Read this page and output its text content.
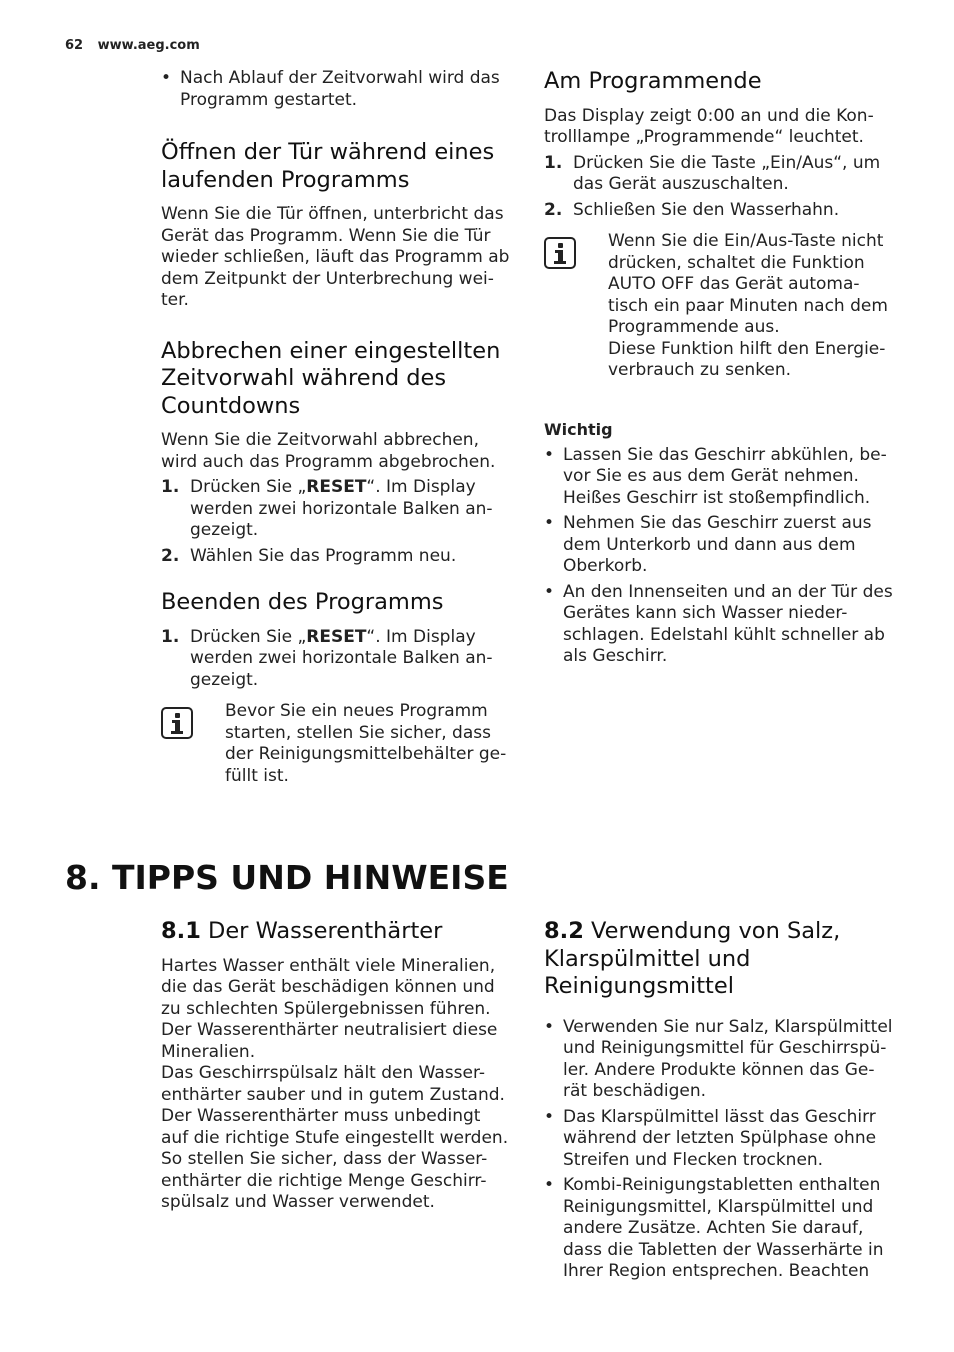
62 www.aeg.com
• Nach Ablauf der Zeitvorwahl wird das Programm gestartet.
Öffnen der Tür während eines laufenden Programms

Wenn Sie die Tür öffnen, unterbricht das Gerät das Programm. Wenn Sie die Tür wieder schließen, läuft das Programm ab dem Zeitpunkt der Unterbrechung wei-ter.

Abbrechen einer eingestellten Zeitvorwahl während des Countdowns

Wenn Sie die Zeitvorwahl abbrechen, wird auch das Programm abgebrochen.

1. Drücken Sie „RESET“. Im Display werden zwei horizontale Balken an-gezeigt.
2. Wählen Sie das Programm neu.
Beenden des Programms
1. Drücken Sie „RESET“. Im Display werden zwei horizontale Balken an-gezeigt.

Bevor Sie ein neues Programm starten, stellen Sie sicher, dass der Reinigungsmittelbehälter ge-füllt ist.

Am Programmende

Das Display zeigt 0:00 an und die Kon-trolllampe „Programmende“ leuchtet.

1. Drücken Sie die Taste „Ein/Aus“, um das Gerät auszuschalten.
2. Schließen Sie den Wasserhahn.

Wenn Sie die Ein/Aus-Taste nicht drücken, schaltet die Funktion AUTO OFF das Gerät automa-tisch ein paar Minuten nach dem Programmende aus.

Diese Funktion hilft den Energie-verbrauch zu senken.

Wichtig
• Lassen Sie das Geschirr abkühlen, be-vor Sie es aus dem Gerät nehmen. Heißes Geschirr ist stoßempfindlich.
• Nehmen Sie das Geschirr zuerst aus dem Unterkorb und dann aus dem Oberkorb.
• An den Innenseiten und an der Tür des Gerätes kann sich Wasser nieder-schlagen. Edelstahl kühlt schneller ab als Geschirr.
8. TIPPS UND HINWEISE
8.1 Der Wasserenthärter

Hartes Wasser enthält viele Mineralien, die das Gerät beschädigen können und zu schlechten Spülergebnissen führen. Der Wasserenthärter neutralisiert diese Mineralien.

Das Geschirrspülsalz hält den Wasser-enthärter sauber und in gutem Zustand. Der Wasserenthärter muss unbedingt auf die richtige Stufe eingestellt werden. So stellen Sie sicher, dass der Wasser-enthärter die richtige Menge Geschirr-spülsalz und Wasser verwendet.

8.2 Verwendung von Salz, Klarspülmittel und Reinigungsmittel
• Verwenden Sie nur Salz, Klarspülmittel und Reinigungsmittel für Geschirrspü-ler. Andere Produkte können das Ge-rät beschädigen.
• Das Klarspülmittel lässt das Geschirr während der letzten Spülphase ohne Streifen und Flecken trocknen.
• Kombi-Reinigungstabletten enthalten Reinigungsmittel, Klarspülmittel und andere Zusätze. Achten Sie darauf, dass die Tabletten der Wasserhärte in Ihrer Region entsprechen. Beachten
